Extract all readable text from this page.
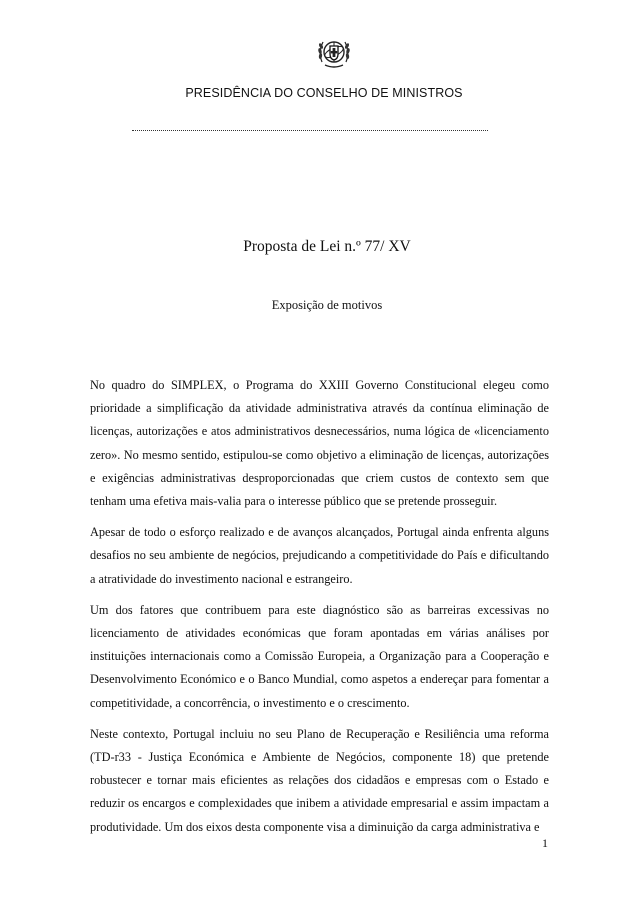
PRESIDÊNCIA DO CONSELHO DE MINISTROS
Proposta de Lei n.º 77/ XV
Exposição de motivos

No quadro do SIMPLEX, o Programa do XXIII Governo Constitucional elegeu como prioridade a simplificação da atividade administrativa através da contínua eliminação de licenças, autorizações e atos administrativos desnecessários, numa lógica de «licenciamento zero». No mesmo sentido, estipulou-se como objetivo a eliminação de licenças, autorizações e exigências administrativas desproporcionadas que criem custos de contexto sem que tenham uma efetiva mais-valia para o interesse público que se pretende prosseguir.

Apesar de todo o esforço realizado e de avanços alcançados, Portugal ainda enfrenta alguns desafios no seu ambiente de negócios, prejudicando a competitividade do País e dificultando a atratividade do investimento nacional e estrangeiro.

Um dos fatores que contribuem para este diagnóstico são as barreiras excessivas no licenciamento de atividades económicas que foram apontadas em várias análises por instituições internacionais como a Comissão Europeia, a Organização para a Cooperação e Desenvolvimento Económico e o Banco Mundial, como aspetos a endereçar para fomentar a competitividade, a concorrência, o investimento e o crescimento.

Neste contexto, Portugal incluiu no seu Plano de Recuperação e Resiliência uma reforma (TD-r33 - Justiça Económica e Ambiente de Negócios, componente 18) que pretende robustecer e tornar mais eficientes as relações dos cidadãos e empresas com o Estado e reduzir os encargos e complexidades que inibem a atividade empresarial e assim impactam a produtividade. Um dos eixos desta componente visa a diminuição da carga administrativa e

1
